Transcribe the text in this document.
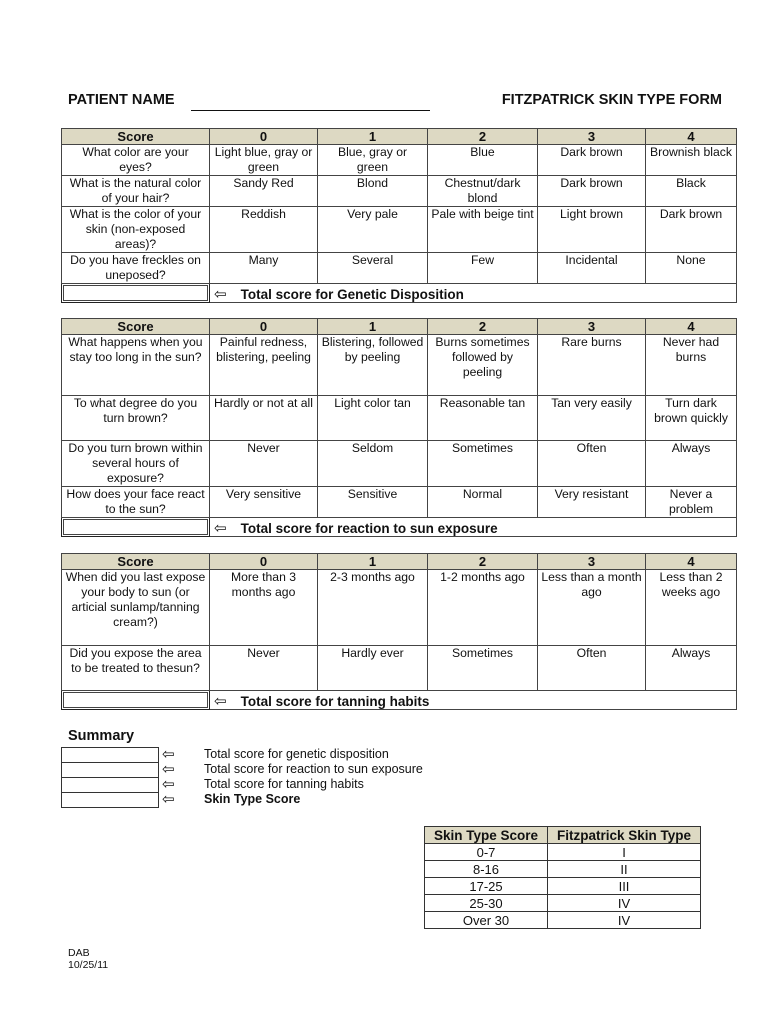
PATIENT NAME	FITZPATRICK SKIN TYPE FORM
Score	0	1	2	3	4
What color are your eyes?	Light blue, gray or green	Blue, gray or green	Blue	Dark brown	Brownish black
What is the natural color of your hair?	Sandy Red	Blond	Chestnut/dark blond	Dark brown	Black
What is the color of your skin (non-exposed areas)?	Reddish	Very pale	Pale with beige tint	Light brown	Dark brown
Do you have freckles on uneposed?	Many	Several	Few	Incidental	None
	⇦ Total score for Genetic Disposition				
Score	0	1	2	3	4
What happens when you stay too long in the sun?	Painful redness, blistering, peeling	Blistering, followed by peeling	Burns sometimes followed by peeling	Rare burns	Never had burns
To what degree do you turn brown?	Hardly or not at all	Light color tan	Reasonable tan	Tan very easily	Turn dark brown quickly
Do you turn brown within several hours of exposure?	Never	Seldom	Sometimes	Often	Always
How does your face react to the sun?	Very sensitive	Sensitive	Normal	Very resistant	Never a problem
	⇦ Total score for reaction to sun exposure				
Score	0	1	2	3	4
When did you last expose your body to sun (or articial sunlamp/tanning cream?)	More than 3 months ago	2-3 months ago	1-2 months ago	Less than a month ago	Less than 2 weeks ago
Did you expose the area to be treated to thesun?	Never	Hardly ever	Sometimes	Often	Always
	⇦ Total score for tanning habits				
Summary
⇦ Total score for genetic disposition
⇦ Total score for reaction to sun exposure
⇦ Total score for tanning habits
⇦ Skin Type Score
Skin Type Score	Fitzpatrick Skin Type
0-7	I
8-16	II
17-25	III
25-30	IV
Over 30	IV
DAB
10/25/11
